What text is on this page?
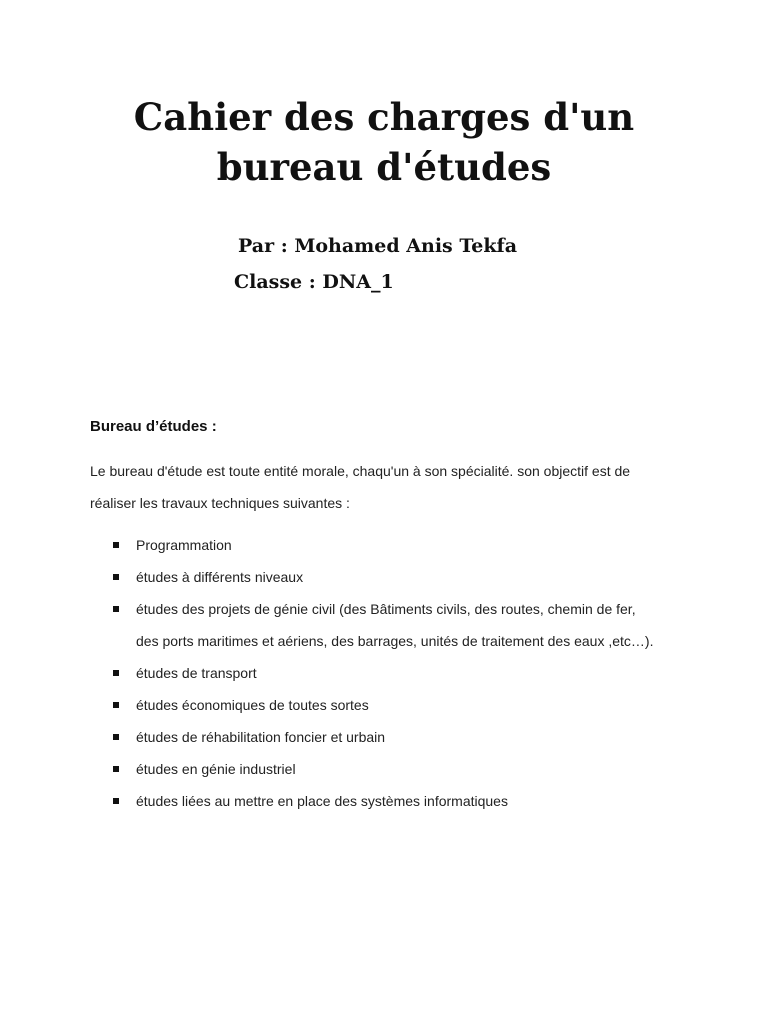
Cahier des charges d'un
bureau d'études
Par : Mohamed Anis Tekfa
Classe : DNA_1
Bureau d’études :

Le bureau d'étude est toute entité morale, chaqu'un à son spécialité. son objectif est de
réaliser les travaux techniques suivantes :

Programmation
études à différents niveaux
études des projets de génie civil (des Bâtiments civils, des routes, chemin de fer,
des ports maritimes et aériens, des barrages, unités de traitement des eaux ,etc…).
études de transport
études économiques de toutes sortes
études de réhabilitation foncier et urbain
études en génie industriel
études liées au mettre en place des systèmes informatiques
